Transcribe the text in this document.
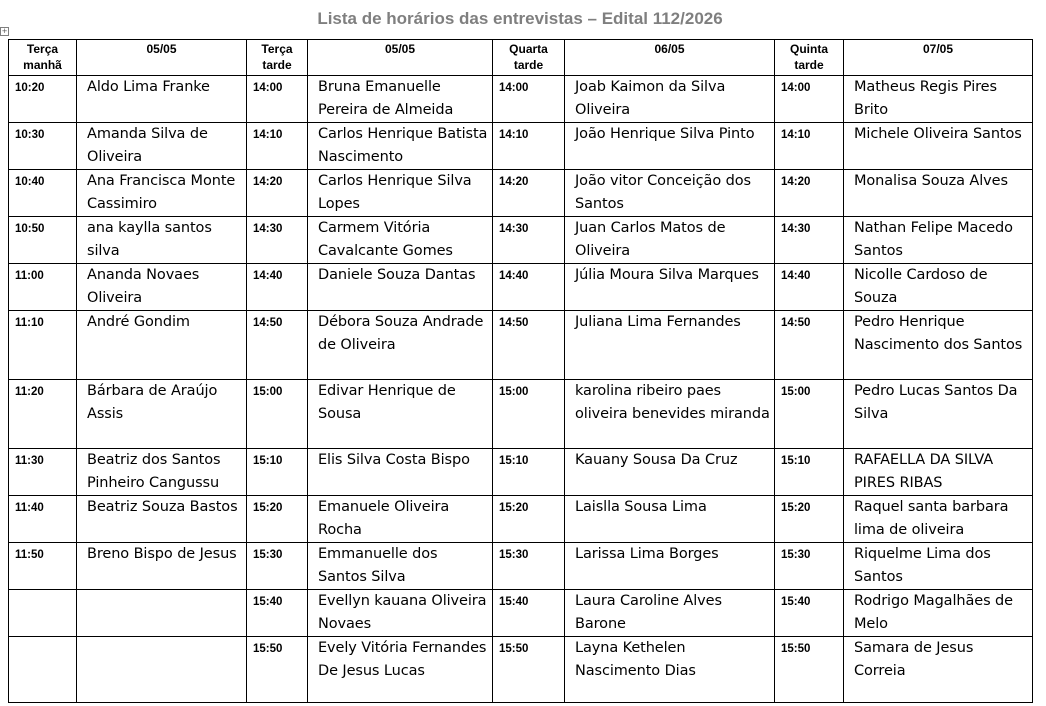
Lista de horários das entrevistas – Edital 112/2026
+
Terça manhã	05/05	Terça tarde	05/05	Quarta tarde	06/05	Quinta tarde	07/05
10:20	Aldo Lima Franke	14:00	Bruna Emanuelle Pereira de Almeida	14:00	Joab Kaimon da Silva Oliveira	14:00	Matheus Regis Pires Brito
10:30	Amanda Silva de Oliveira	14:10	Carlos Henrique Batista Nascimento	14:10	João Henrique Silva Pinto	14:10	Michele Oliveira Santos
10:40	Ana Francisca Monte Cassimiro	14:20	Carlos Henrique Silva Lopes	14:20	João vitor Conceição dos Santos	14:20	Monalisa Souza Alves
10:50	ana kaylla santos silva	14:30	Carmem Vitória Cavalcante Gomes	14:30	Juan Carlos Matos de Oliveira	14:30	Nathan Felipe Macedo Santos
11:00	Ananda Novaes Oliveira	14:40	Daniele Souza Dantas	14:40	Júlia Moura Silva Marques	14:40	Nicolle Cardoso de Souza
11:10	André Gondim	14:50	Débora Souza Andrade de Oliveira	14:50	Juliana Lima Fernandes	14:50	Pedro Henrique Nascimento dos Santos
11:20	Bárbara de Araújo Assis	15:00	Edivar Henrique de Sousa	15:00	karolina ribeiro paes oliveira benevides miranda	15:00	Pedro Lucas Santos Da Silva
11:30	Beatriz dos Santos Pinheiro Cangussu	15:10	Elis Silva Costa Bispo	15:10	Kauany Sousa Da Cruz	15:10	RAFAELLA DA SILVA PIRES RIBAS
11:40	Beatriz Souza Bastos	15:20	Emanuele Oliveira Rocha	15:20	Laislla Sousa Lima	15:20	Raquel santa barbara lima de oliveira
11:50	Breno Bispo de Jesus	15:30	Emmanuelle dos Santos Silva	15:30	Larissa Lima Borges	15:30	Riquelme Lima dos Santos
		15:40	Evellyn kauana Oliveira Novaes	15:40	Laura Caroline Alves Barone	15:40	Rodrigo Magalhães de Melo
		15:50	Evely Vitória Fernandes De Jesus Lucas	15:50	Layna Kethelen Nascimento Dias	15:50	Samara de Jesus Correia
